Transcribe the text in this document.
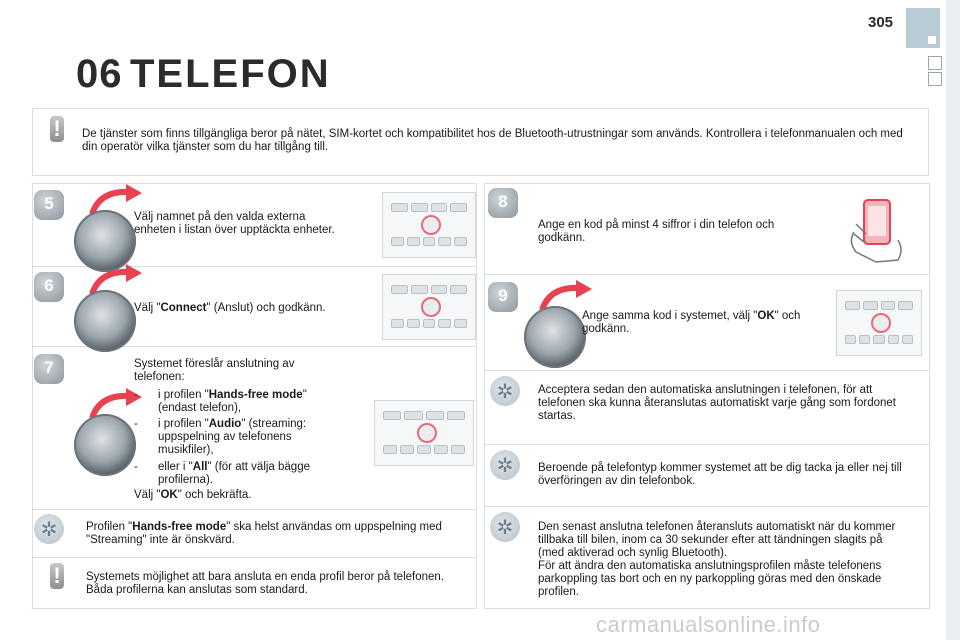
305
06 TELEFON
! De tjänster som finns tillgängliga beror på nätet, SIM-kortet och kompatibilitet hos de Bluetooth-utrustningar som används. Kontrollera i telefonmanualen och med din operatör vilka tjänster som du har tillgång till.
5
Välj namnet på den valda externa enheten i listan över upptäckta enheter.
6
Välj "Connect" (Anslut) och godkänn.
7	Systemet föreslår anslutning av telefonen:
-	i profilen "Hands-free mode" (endast telefon),
-	i profilen "Audio" (streaming: uppspelning av telefonens musikfiler),
-	eller i "All" (för att välja bägge profilerna).
Välj "OK" och bekräfta.
✲	Profilen "Hands-free mode" ska helst användas om uppspelning med "Streaming" inte är önskvärd.
! Systemets möjlighet att bara ansluta en enda profil beror på telefonen. Båda profilerna kan anslutas som standard.
8
Ange en kod på minst 4 siffror i din telefon och godkänn.
9
Ange samma kod i systemet, välj "OK" och godkänn.
✲	Acceptera sedan den automatiska anslutningen i telefonen, för att telefonen ska kunna återanslutas automatiskt varje gång som fordonet startas.
✲	Beroende på telefontyp kommer systemet att be dig tacka ja eller nej till överföringen av din telefonbok.
✲	Den senast anslutna telefonen återansluts automatiskt när du kommer tillbaka till bilen, inom ca 30 sekunder efter att tändningen slagits på (med aktiverad och synlig Bluetooth).
För att ändra den automatiska anslutningsprofilen måste telefonens parkoppling tas bort och en ny parkoppling göras med den önskade profilen.
carmanualsonline.info
